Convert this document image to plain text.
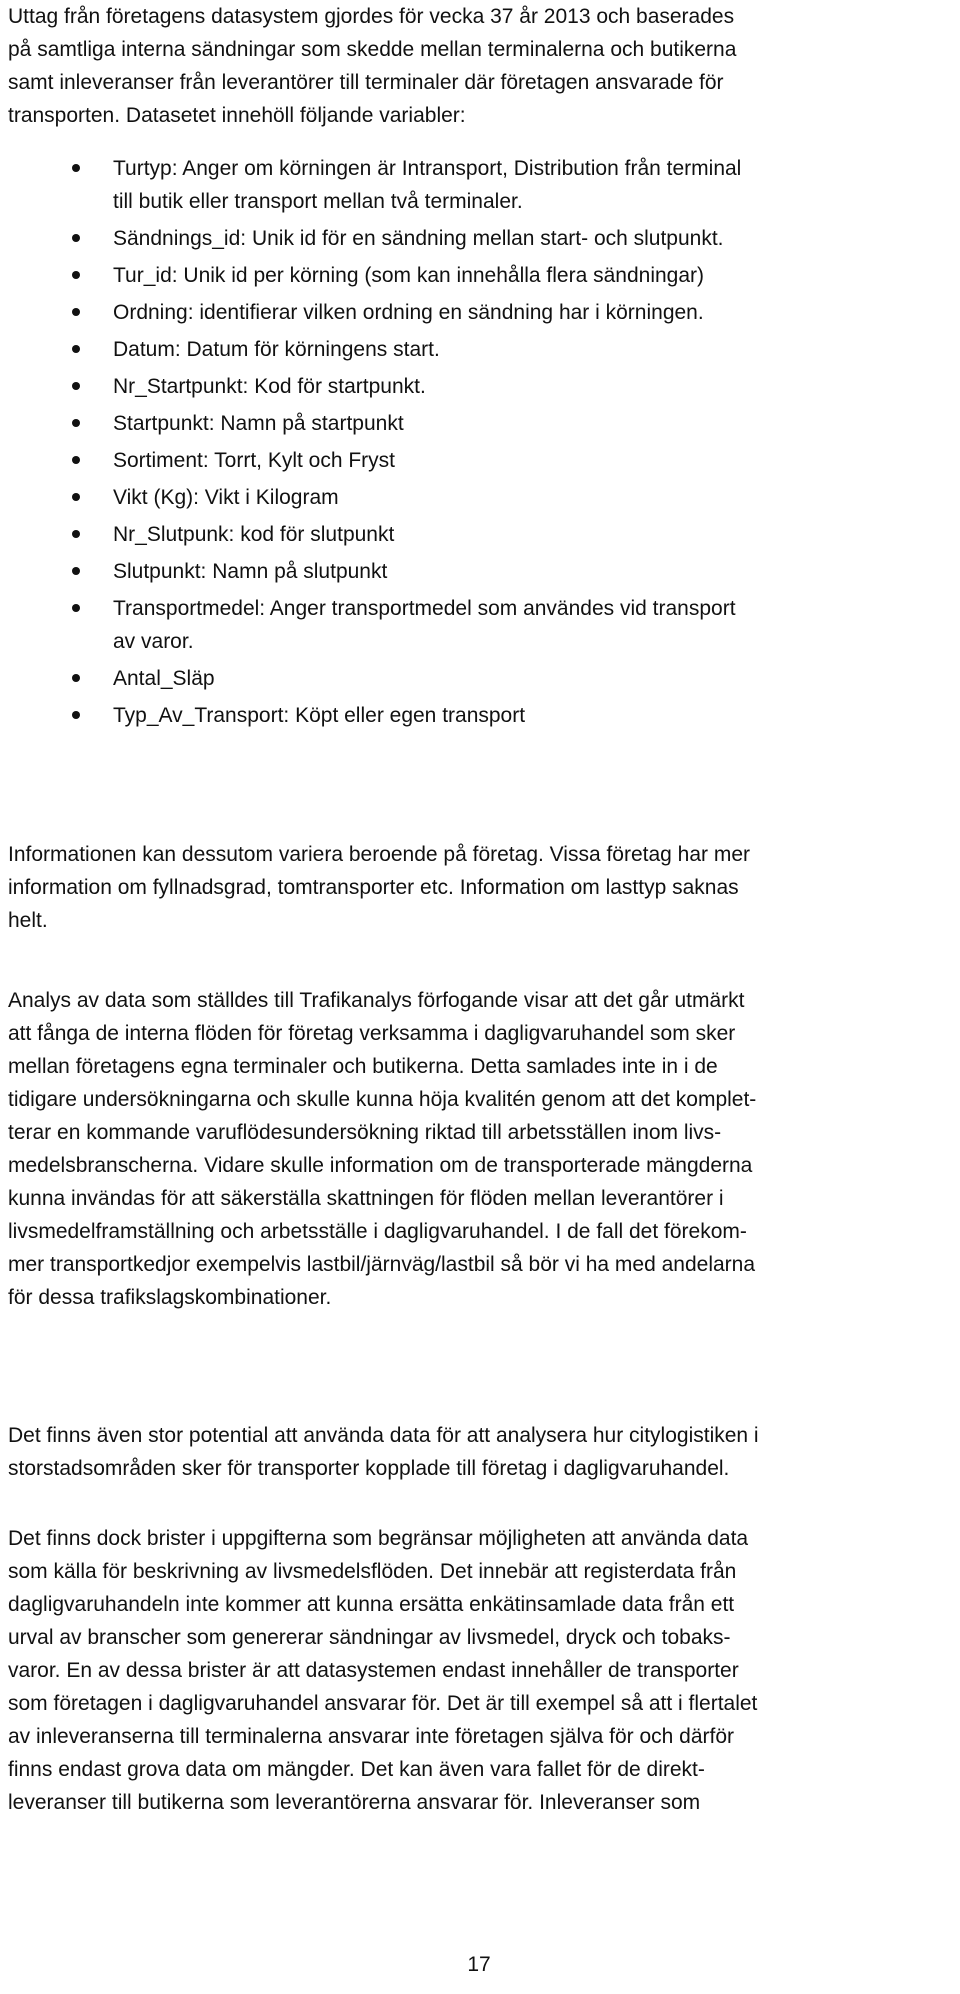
Uttag från företagens datasystem gjordes för vecka 37 år 2013 och baserades
på samtliga interna sändningar som skedde mellan terminalerna och butikerna
samt inleveranser från leverantörer till terminaler där företagen ansvarade för
transporten. Datasetet innehöll följande variabler:

Turtyp: Anger om körningen är Intransport, Distribution från terminal
till butik eller transport mellan två terminaler.
Sändnings_id: Unik id för en sändning mellan start- och slutpunkt.
Tur_id: Unik id per körning (som kan innehålla flera sändningar)
Ordning: identifierar vilken ordning en sändning har i körningen.
Datum: Datum för körningens start.
Nr_Startpunkt: Kod för startpunkt.
Startpunkt: Namn på startpunkt
Sortiment: Torrt, Kylt och Fryst
Vikt (Kg): Vikt i Kilogram
Nr_Slutpunk: kod för slutpunkt
Slutpunkt: Namn på slutpunkt
Transportmedel: Anger transportmedel som användes vid transport
av varor.
Antal_Släp
Typ_Av_Transport: Köpt eller egen transport

Informationen kan dessutom variera beroende på företag. Vissa företag har mer
information om fyllnadsgrad, tomtransporter etc. Information om lasttyp saknas
helt.

Analys av data som ställdes till Trafikanalys förfogande visar att det går utmärkt
att fånga de interna flöden för företag verksamma i dagligvaruhandel som sker
mellan företagens egna terminaler och butikerna. Detta samlades inte in i de
tidigare undersökningarna och skulle kunna höja kvalitén genom att det komplet-
terar en kommande varuflödesundersökning riktad till arbetsställen inom livs-
medelsbranscherna. Vidare skulle information om de transporterade mängderna
kunna invändas för att säkerställa skattningen för flöden mellan leverantörer i
livsmedelframställning och arbetsställe i dagligvaruhandel. I de fall det förekom-
mer transportkedjor exempelvis lastbil/järnväg/lastbil så bör vi ha med andelarna
för dessa trafikslagskombinationer.

Det finns även stor potential att använda data för att analysera hur citylogistiken i
storstadsområden sker för transporter kopplade till företag i dagligvaruhandel.

Det finns dock brister i uppgifterna som begränsar möjligheten att använda data
som källa för beskrivning av livsmedelsflöden. Det innebär att registerdata från
dagligvaruhandeln inte kommer att kunna ersätta enkätinsamlade data från ett
urval av branscher som genererar sändningar av livsmedel, dryck och tobaks-
varor. En av dessa brister är att datasystemen endast innehåller de transporter
som företagen i dagligvaruhandel ansvarar för. Det är till exempel så att i flertalet
av inleveranserna till terminalerna ansvarar inte företagen själva för och därför
finns endast grova data om mängder. Det kan även vara fallet för de direkt-
leveranser till butikerna som leverantörerna ansvarar för. Inleveranser som

17
